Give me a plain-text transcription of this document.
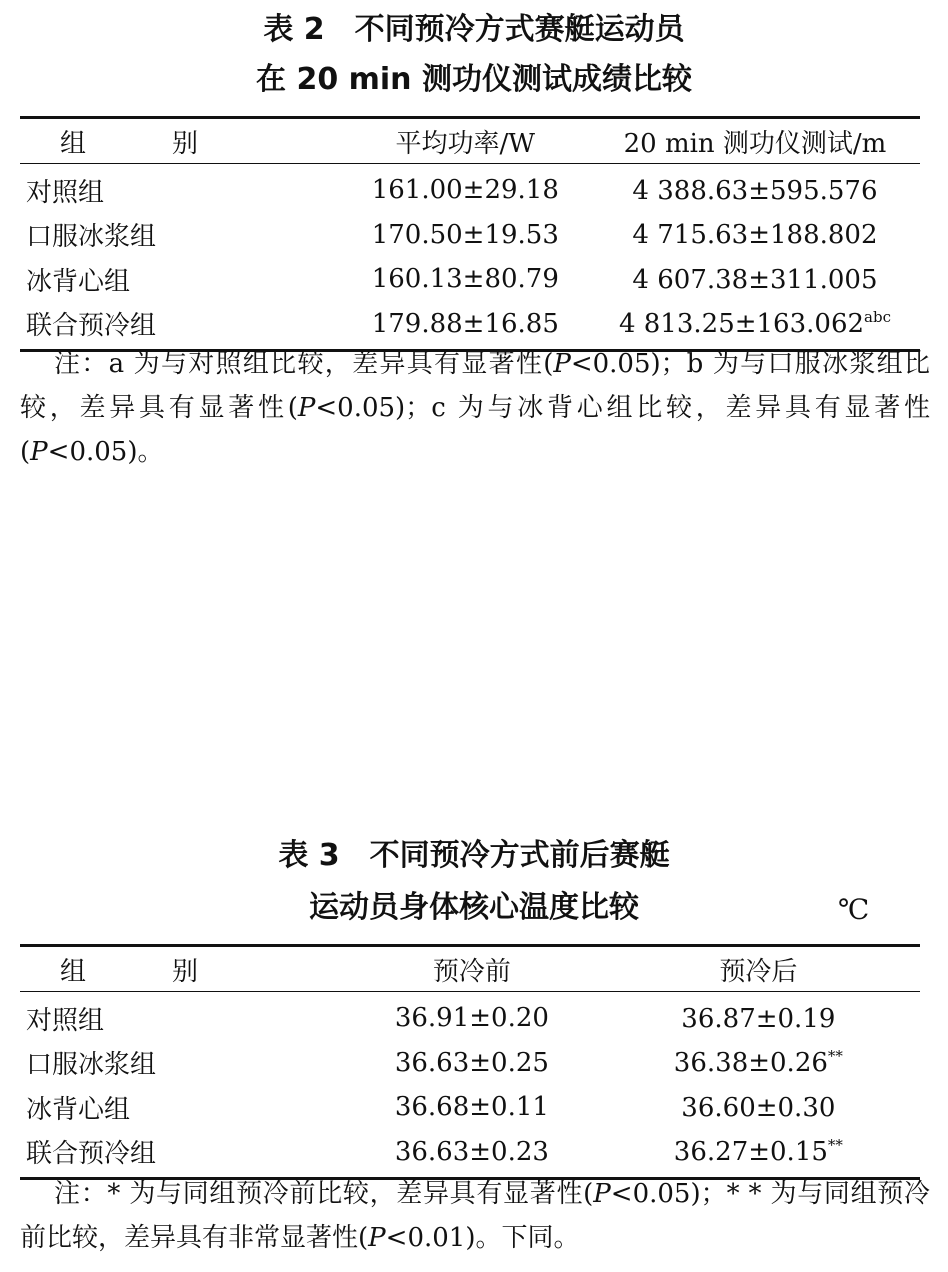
表 2　不同预冷方式赛艇运动员
在 20 min 测功仪测试成绩比较
组　别	平均功率/W	20 min 测功仪测试/m
对照组	161.00±29.18	4 388.63±595.576
口服冰浆组	170.50±19.53	4 715.63±188.802
冰背心组	160.13±80.79	4 607.38±311.005
联合预冷组	179.88±16.85	4 813.25±163.062$^{abc}$

注：a 为与对照组比较，差异具有显著性(P<0.05)；b 为与口服冰浆组比较，差异具有显著性(P<0.05)；c 为与冰背心组比较，差异具有显著性(P<0.05)。

表 3　不同预冷方式前后赛艇
运动员身体核心温度比较	℃
组　别	预冷前	预冷后
对照组	36.91±0.20	36.87±0.19
口服冰浆组	36.63±0.25	36.38±0.26**
冰背心组	36.68±0.11	36.60±0.30
联合预冷组	36.63±0.23	36.27±0.15**

注：* 为与同组预冷前比较，差异具有显著性(P<0.05)；* * 为与同组预冷前比较，差异具有非常显著性(P<0.01)。下同。
